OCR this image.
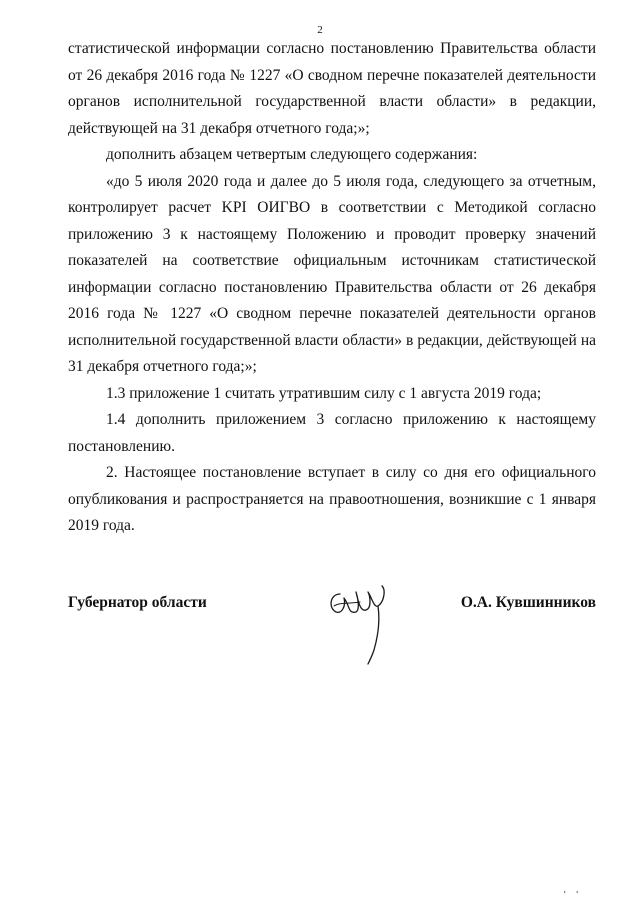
2

статистической информации согласно постановлению Правительства области от 26 декабря 2016 года № 1227 «О сводном перечне показателей деятельности органов исполнительной государственной власти области» в редакции, действующей на 31 декабря отчетного года;»;

дополнить абзацем четвертым следующего содержания:

«до 5 июля 2020 года и далее до 5 июля года, следующего за отчетным, контролирует расчет KPI ОИГВО в соответствии с Методикой согласно приложению 3 к настоящему Положению и проводит проверку значений показателей на соответствие официальным источникам статистической информации согласно постановлению Правительства области от 26 декабря 2016 года № 1227 «О сводном перечне показателей деятельности органов исполнительной государственной власти области» в редакции, действующей на 31 декабря отчетного года;»;

1.3 приложение 1 считать утратившим силу с 1 августа 2019 года;

1.4 дополнить приложением 3 согласно приложению к настоящему постановлению.

2. Настоящее постановление вступает в силу со дня его официального опубликования и распространяется на правоотношения, возникшие с 1 января 2019 года.

Губернатор области	О.А. Кувшинников
' '
